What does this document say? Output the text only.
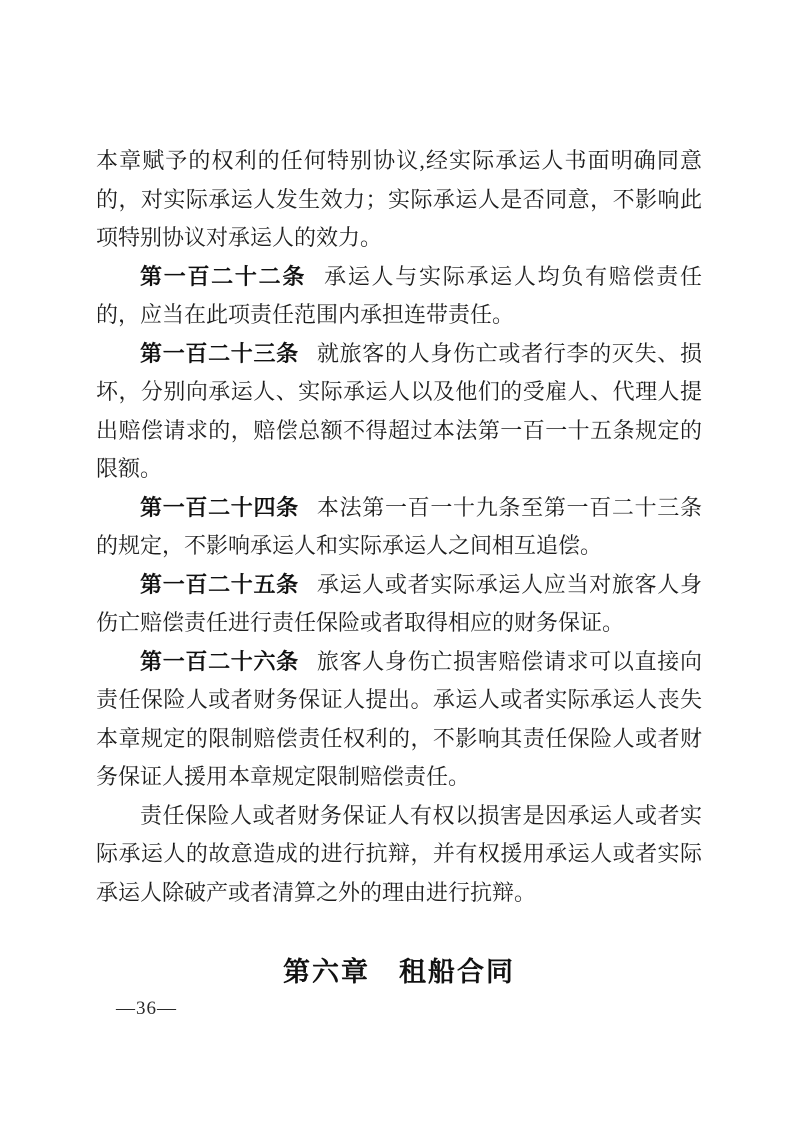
本章赋予的权利的任何特别协议,经实际承运人书面明确同意的，对实际承运人发生效力；实际承运人是否同意，不影响此项特别协议对承运人的效力。

第一百二十二条 承运人与实际承运人均负有赔偿责任的，应当在此项责任范围内承担连带责任。

第一百二十三条 就旅客的人身伤亡或者行李的灭失、损坏，分别向承运人、实际承运人以及他们的受雇人、代理人提出赔偿请求的，赔偿总额不得超过本法第一百一十五条规定的限额。

第一百二十四条 本法第一百一十九条至第一百二十三条的规定，不影响承运人和实际承运人之间相互追偿。

第一百二十五条 承运人或者实际承运人应当对旅客人身伤亡赔偿责任进行责任保险或者取得相应的财务保证。

第一百二十六条 旅客人身伤亡损害赔偿请求可以直接向责任保险人或者财务保证人提出。承运人或者实际承运人丧失本章规定的限制赔偿责任权利的，不影响其责任保险人或者财务保证人援用本章规定限制赔偿责任。

责任保险人或者财务保证人有权以损害是因承运人或者实际承运人的故意造成的进行抗辩，并有权援用承运人或者实际承运人除破产或者清算之外的理由进行抗辩。

第六章　租船合同
—36—
